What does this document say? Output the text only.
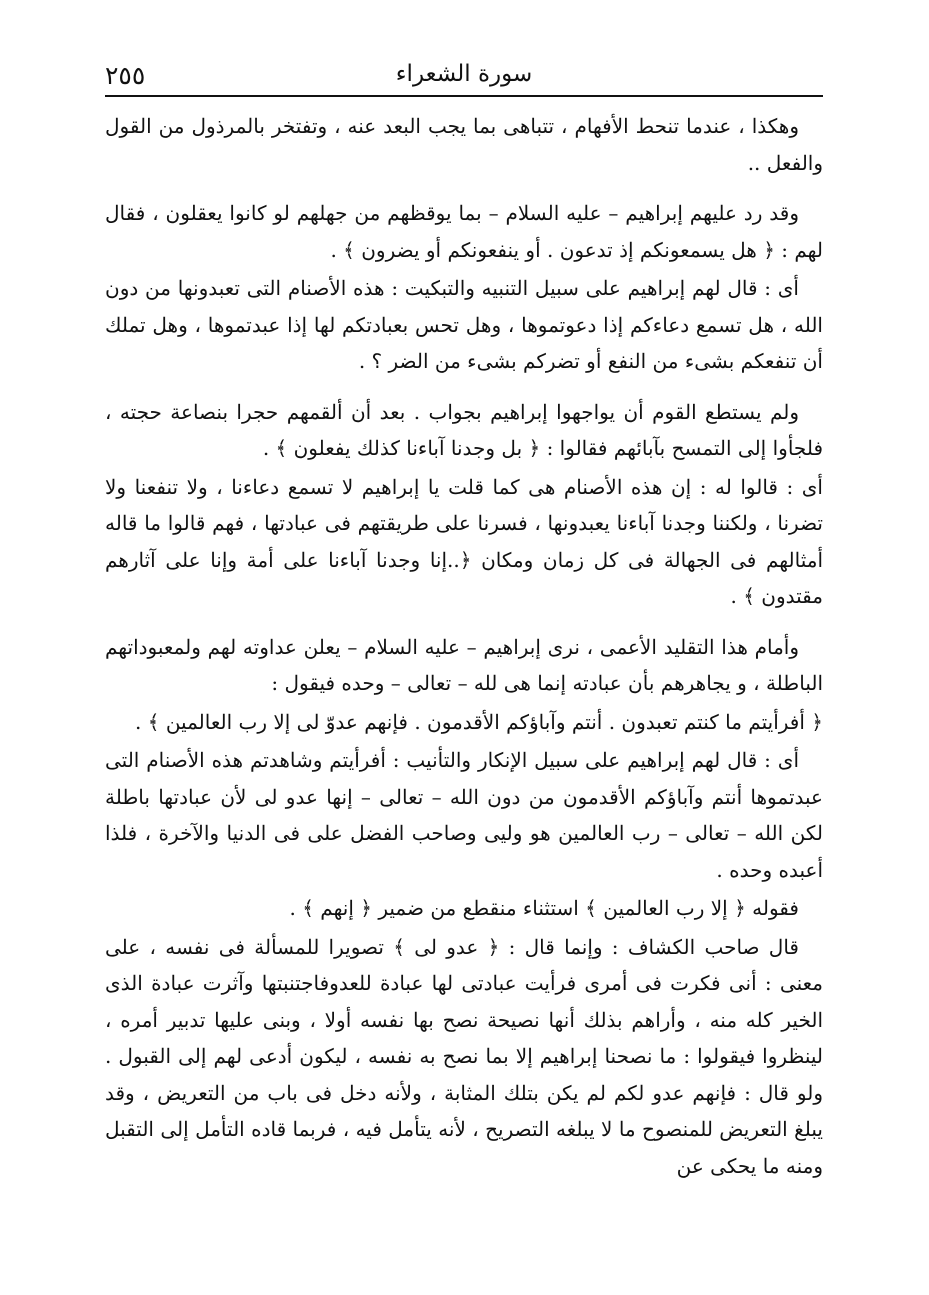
٢٥٥	سورة الشعراء

وهكذا ، عندما تنحط الأفهام ، تتباهى بما يجب البعد عنه ، وتفتخر بالمرذول من القول والفعل ..

وقد رد عليهم إبراهيم – عليه السلام – بما يوقظهم من جهلهم لو كانوا يعقلون ، فقال لهم : ﴿ هل يسمعونكم إذ تدعون . أو ينفعونكم أو يضرون ﴾ .

أى : قال لهم إبراهيم على سبيل التنبيه والتبكيت : هذه الأصنام التى تعبدونها من دون الله ، هل تسمع دعاءكم إذا دعوتموها ، وهل تحس بعبادتكم لها إذا عبدتموها ، وهل تملك أن تنفعكم بشىء من النفع أو تضركم بشىء من الضر ؟ .

ولم يستطع القوم أن يواجهوا إبراهيم بجواب . بعد أن ألقمهم حجرا بنصاعة حجته ، فلجأوا إلى التمسح بآبائهم فقالوا : ﴿ بل وجدنا آباءنا كذلك يفعلون ﴾ .

أى : قالوا له : إن هذه الأصنام هى كما قلت يا إبراهيم لا تسمع دعاءنا ، ولا تنفعنا ولا تضرنا ، ولكننا وجدنا آباءنا يعبدونها ، فسرنا على طريقتهم فى عبادتها ، فهم قالوا ما قاله أمثالهم فى الجهالة فى كل زمان ومكان ﴿..إنا وجدنا آباءنا على أمة وإنا على آثارهم مقتدون ﴾ .

وأمام هذا التقليد الأعمى ، نرى إبراهيم – عليه السلام – يعلن عداوته لهم ولمعبوداتهم الباطلة ، و يجاهرهم بأن عبادته إنما هى لله – تعالى – وحده فيقول :

﴿ أفرأيتم ما كنتم تعبدون . أنتم وآباؤكم الأقدمون . فإنهم عدوّ لى إلا رب العالمين ﴾ .

أى : قال لهم إبراهيم على سبيل الإنكار والتأنيب : أفرأيتم وشاهدتم هذه الأصنام التى عبدتموها أنتم وآباؤكم الأقدمون من دون الله – تعالى – إنها عدو لى لأن عبادتها باطلة لكن الله – تعالى – رب العالمين هو وليى وصاحب الفضل على فى الدنيا والآخرة ، فلذا أعبده وحده .

فقوله ﴿ إلا رب العالمين ﴾ استثناء منقطع من ضمير ﴿ إنهم ﴾ .

قال صاحب الكشاف : وإنما قال : ﴿ عدو لى ﴾ تصويرا للمسألة فى نفسه ، على معنى : أنى فكرت فى أمرى فرأيت عبادتى لها عبادة للعدوفاجتنبتها وآثرت عبادة الذى الخير كله منه ، وأراهم بذلك أنها نصيحة نصح بها نفسه أولا ، وبنى عليها تدبير أمره ، لينظروا فيقولوا : ما نصحنا إبراهيم إلا بما نصح به نفسه ، ليكون أدعى لهم إلى القبول . ولو قال : فإنهم عدو لكم لم يكن بتلك المثابة ، ولأنه دخل فى باب من التعريض ، وقد يبلغ التعريض للمنصوح ما لا يبلغه التصريح ، لأنه يتأمل فيه ، فربما قاده التأمل إلى التقبل ومنه ما يحكى عن
